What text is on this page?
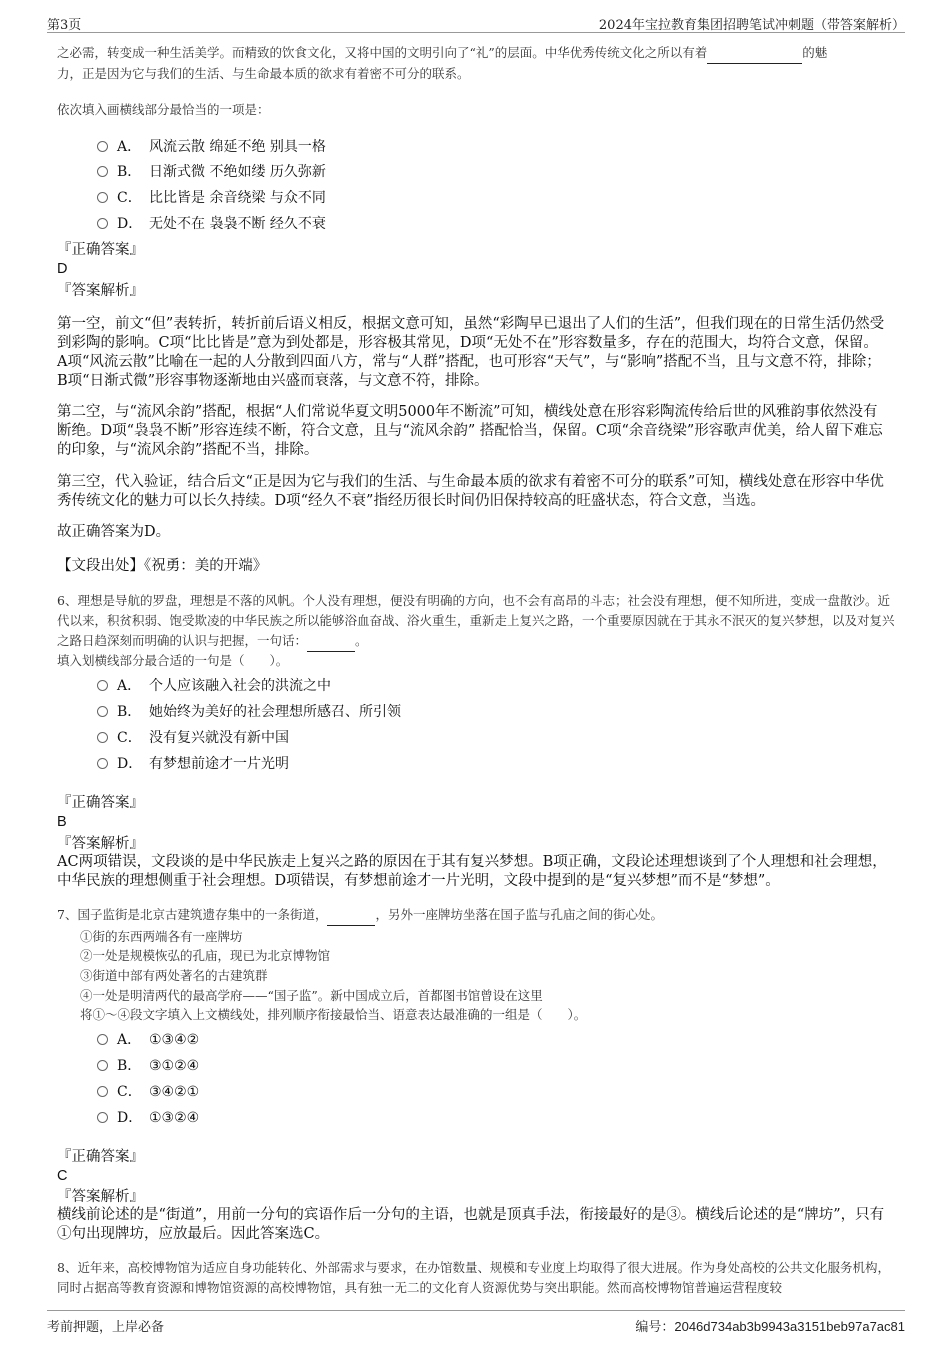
第3页	2024年宝拉教育集团招聘笔试冲刺题（带答案解析）
之必需，转变成一种生活美学。而精致的饮食文化，又将中国的文明引向了“礼”的层面。中华优秀传统文化之所以有着	的魅
力，正是因为它与我们的生活、与生命最本质的欲求有着密不可分的联系。
依次填入画横线部分最恰当的一项是：
A． 风流云散 绵延不绝 别具一格
B． 日渐式微 不绝如缕 历久弥新
C． 比比皆是 余音绕梁 与众不同
D． 无处不在 袅袅不断 经久不衰
『正确答案』
D
『答案解析』
第一空，前文“但”表转折，转折前后语义相反，根据文意可知，虽然“彩陶早已退出了人们的生活”，但我们现在的日常生活仍然受到彩陶的影响。C项“比比皆是”意为到处都是，形容极其常见，D项“无处不在”形容数量多，存在的范围大，均符合文意，保留。A项“风流云散”比喻在一起的人分散到四面八方，常与“人群”搭配，也可形容“天气”，与“影响”搭配不当，且与文意不符，排除；B项“日渐式微”形容事物逐渐地由兴盛而衰落，与文意不符，排除。
第二空，与“流风余韵”搭配，根据“人们常说华夏文明5000年不断流”可知，横线处意在形容彩陶流传给后世的风雅韵事依然没有断绝。D项“袅袅不断”形容连续不断，符合文意，且与“流风余韵” 搭配恰当，保留。C项“余音绕梁”形容歌声优美，给人留下难忘的印象，与“流风余韵”搭配不当，排除。
第三空，代入验证，结合后文“正是因为它与我们的生活、与生命最本质的欲求有着密不可分的联系”可知，横线处意在形容中华优秀传统文化的魅力可以长久持续。D项“经久不衰”指经历很长时间仍旧保持较高的旺盛状态，符合文意，当选。
故正确答案为D。
【文段出处】《祝勇：美的开端》
6、理想是导航的罗盘，理想是不落的风帆。个人没有理想，便没有明确的方向，也不会有高昂的斗志；社会没有理想，便不知所进，变成一盘散沙。近代以来，积贫积弱、饱受欺凌的中华民族之所以能够浴血奋战、浴火重生，重新走上复兴之路，一个重要原因就在于其永不泯灭的复兴梦想，以及对复兴之路日趋深刻而明确的认识与把握，一句话：	。
填入划横线部分最合适的一句是（　　）。
A． 个人应该融入社会的洪流之中
B． 她始终为美好的社会理想所感召、所引领
C． 没有复兴就没有新中国
D． 有梦想前途才一片光明
『正确答案』
B
『答案解析』
AC两项错误，文段谈的是中华民族走上复兴之路的原因在于其有复兴梦想。B项正确，文段论述理想谈到了个人理想和社会理想，中华民族的理想侧重于社会理想。D项错误，有梦想前途才一片光明，文段中提到的是“复兴梦想”而不是“梦想”。
7、国子监街是北京古建筑遗存集中的一条街道，	，另外一座牌坊坐落在国子监与孔庙之间的街心处。
①街的东西两端各有一座牌坊
②一处是规模恢弘的孔庙，现已为北京博物馆
③街道中部有两处著名的古建筑群
④一处是明清两代的最高学府——“国子监”。新中国成立后，首都图书馆曾设在这里
将①～④段文字填入上文横线处，排列顺序衔接最恰当、语意表达最准确的一组是（　　）。
A． ①③④②
B． ③①②④
C． ③④②①
D． ①③②④
『正确答案』
C
『答案解析』
横线前论述的是“街道”，用前一分句的宾语作后一分句的主语，也就是顶真手法，衔接最好的是③。横线后论述的是“牌坊”，只有①句出现牌坊，应放最后。因此答案选C。
8、近年来，高校博物馆为适应自身功能转化、外部需求与要求，在办馆数量、规模和专业度上均取得了很大进展。作为身处高校的公共文化服务机构，同时占据高等教育资源和博物馆资源的高校博物馆，具有独一无二的文化育人资源优势与突出职能。然而高校博物馆普遍运营程度较
考前押题，上岸必备	编号：2046d734ab3b9943a3151beb97a7ac81
